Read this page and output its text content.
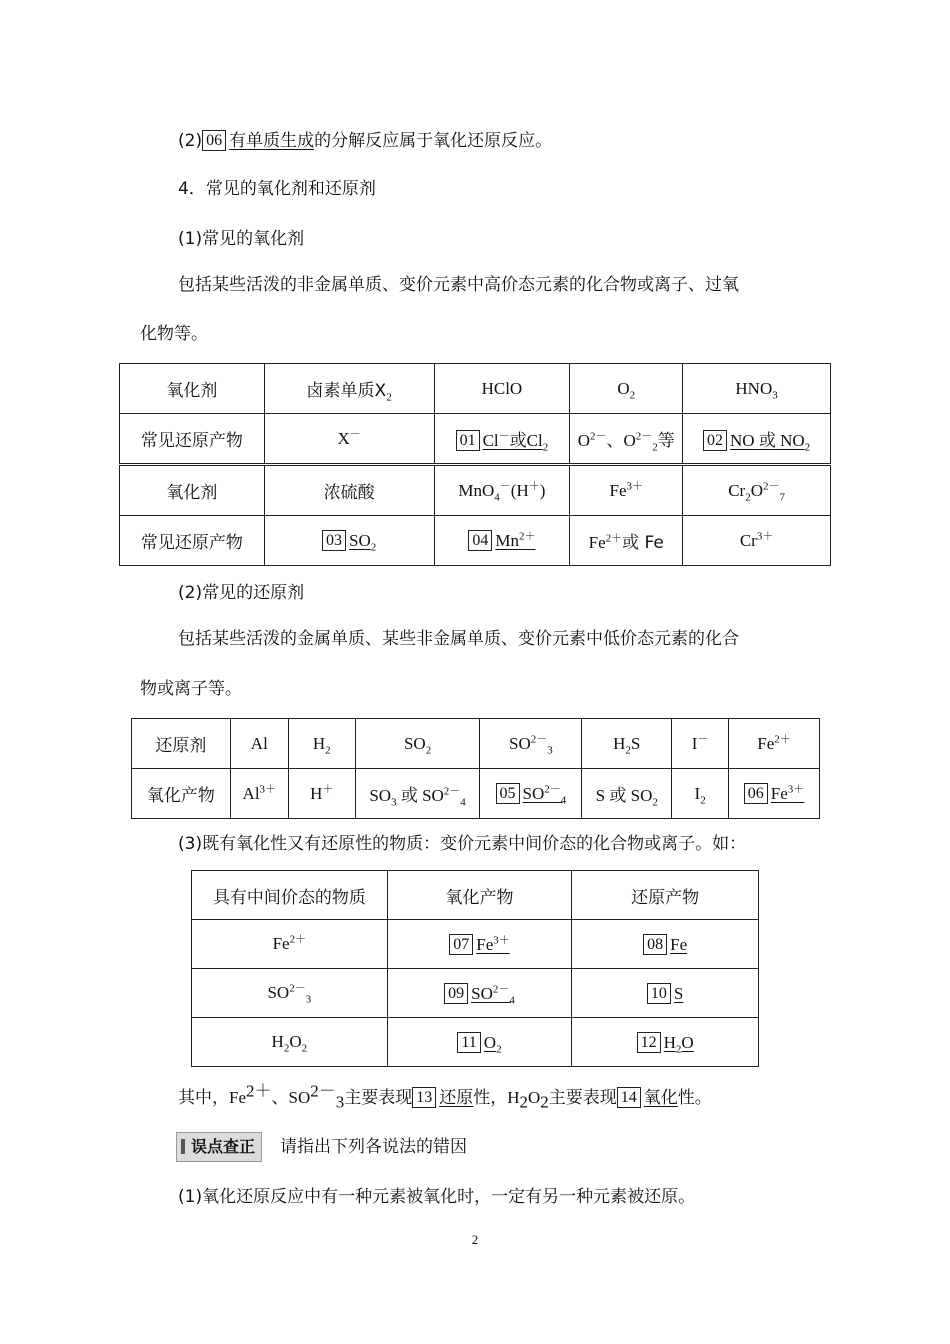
(2) 06 有单质生成的分解反应属于氧化还原反应。
4．常见的氧化剂和还原剂
(1)常见的氧化剂
包括某些活泼的非金属单质、变价元素中高价态元素的化合物或离子、过氧
化物等。
氧化剂	卤素单质$X_2$	HClO	$O_2$	$HNO_3$
常见还原产物	X－	01 Cl－或$Cl_2$	$O^{2-}$、$O^{2-}_2$等	02 NO 或 $NO_2$
氧化剂	浓硫酸	MnO$_4$－(H＋)	$Fe^{3+}$	$Cr_2O^{2-}_7$
常见还原产物	03 $SO_2$	04 $Mn^{2+}$	$Fe^{2+}$或 Fe	$Cr^{3+}$
(2)常见的还原剂
包括某些活泼的金属单质、某些非金属单质、变价元素中低价态元素的化合
物或离子等。
还原剂	Al	$H_2$	$SO_2$	$SO^{2-}_3$	$H_2S$	I－	$Fe^{2+}$
氧化产物	$Al^{3+}$	H＋	$SO_3$ 或 $SO^{2-}_4$	05 $SO^{2-}_4$	S 或 $SO_2$	$I_2$	06 $Fe^{3+}$
(3)既有氧化性又有还原性的物质：变价元素中间价态的化合物或离子。如：
具有中间价态的物质	氧化产物	还原产物
$Fe^{2+}$	07 $Fe^{3+}$	08 Fe
$SO^{2-}_3$	09 $SO^{2-}_4$	10 S
$H_2O_2$	11 $O_2$	12 $H_2O$
其中，$Fe^{2+}$、$SO^{2-}_3$主要表现 13 还原性，$H_2O_2$主要表现 14 氧化性。
误点查正 请指出下列各说法的错因
(1)氧化还原反应中有一种元素被氧化时，一定有另一种元素被还原。
2
